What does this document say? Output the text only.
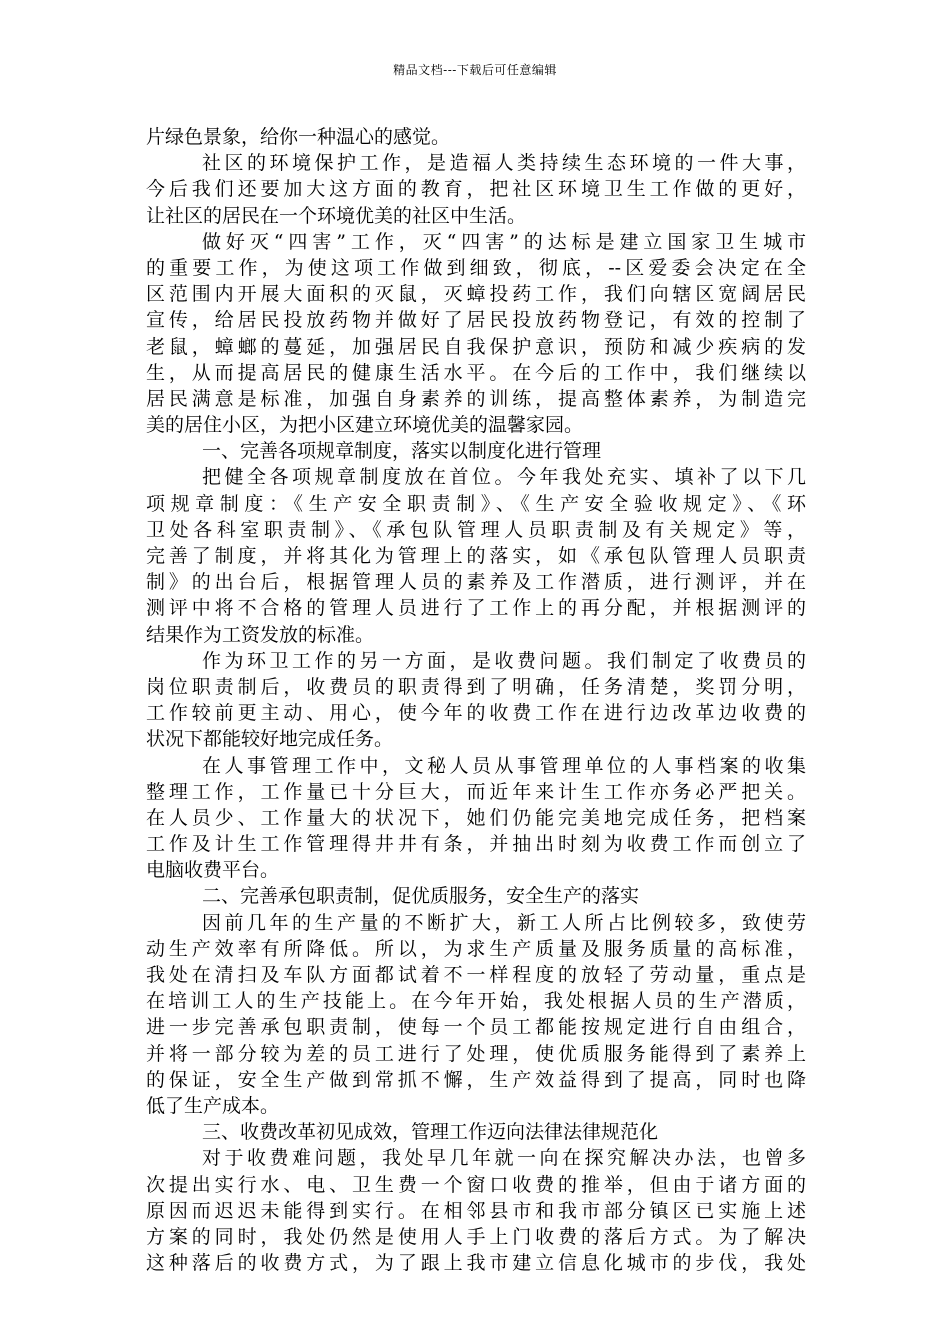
精品文档---下载后可任意编辑
片绿色景象，给你一种温心的感觉。
社区的环境保护工作，是造福人类持续生态环境的一件大事，
今后我们还要加大这方面的教育，把社区环境卫生工作做的更好，
让社区的居民在一个环境优美的社区中生活。
做好灭“四害”工作，灭“四害”的达标是建立国家卫生城市
的重要工作，为使这项工作做到细致，彻底，--区爱委会决定在全
区范围内开展大面积的灭鼠，灭蟑投药工作，我们向辖区宽阔居民
宣传，给居民投放药物并做好了居民投放药物登记，有效的控制了
老鼠，蟑螂的蔓延，加强居民自我保护意识，预防和减少疾病的发
生，从而提高居民的健康生活水平。在今后的工作中，我们继续以
居民满意是标准，加强自身素养的训练，提高整体素养，为制造完
美的居住小区，为把小区建立环境优美的温馨家园。
一、完善各项规章制度，落实以制度化进行管理
把健全各项规章制度放在首位。今年我处充实、填补了以下几
项规章制度：《生产安全职责制》、《生产安全验收规定》、《环
卫处各科室职责制》、《承包队管理人员职责制及有关规定》等，
完善了制度，并将其化为管理上的落实，如《承包队管理人员职责
制》的出台后，根据管理人员的素养及工作潜质，进行测评，并在
测评中将不合格的管理人员进行了工作上的再分配，并根据测评的
结果作为工资发放的标准。
作为环卫工作的另一方面，是收费问题。我们制定了收费员的
岗位职责制后，收费员的职责得到了明确，任务清楚，奖罚分明，
工作较前更主动、用心，使今年的收费工作在进行边改革边收费的
状况下都能较好地完成任务。
在人事管理工作中，文秘人员从事管理单位的人事档案的收集
整理工作，工作量已十分巨大，而近年来计生工作亦务必严把关。
在人员少、工作量大的状况下，她们仍能完美地完成任务，把档案
工作及计生工作管理得井井有条，并抽出时刻为收费工作而创立了
电脑收费平台。
二、完善承包职责制，促优质服务，安全生产的落实
因前几年的生产量的不断扩大，新工人所占比例较多，致使劳
动生产效率有所降低。所以，为求生产质量及服务质量的高标准，
我处在清扫及车队方面都试着不一样程度的放轻了劳动量，重点是
在培训工人的生产技能上。在今年开始，我处根据人员的生产潜质，
进一步完善承包职责制，使每一个员工都能按规定进行自由组合，
并将一部分较为差的员工进行了处理，使优质服务能得到了素养上
的保证，安全生产做到常抓不懈，生产效益得到了提高，同时也降
低了生产成本。
三、收费改革初见成效，管理工作迈向法律法律规范化
对于收费难问题，我处早几年就一向在探究解决办法，也曾多
次提出实行水、电、卫生费一个窗口收费的推举，但由于诸方面的
原因而迟迟未能得到实行。在相邻县市和我市部分镇区已实施上述
方案的同时，我处仍然是使用人手上门收费的落后方式。为了解决
这种落后的收费方式，为了跟上我市建立信息化城市的步伐，我处
